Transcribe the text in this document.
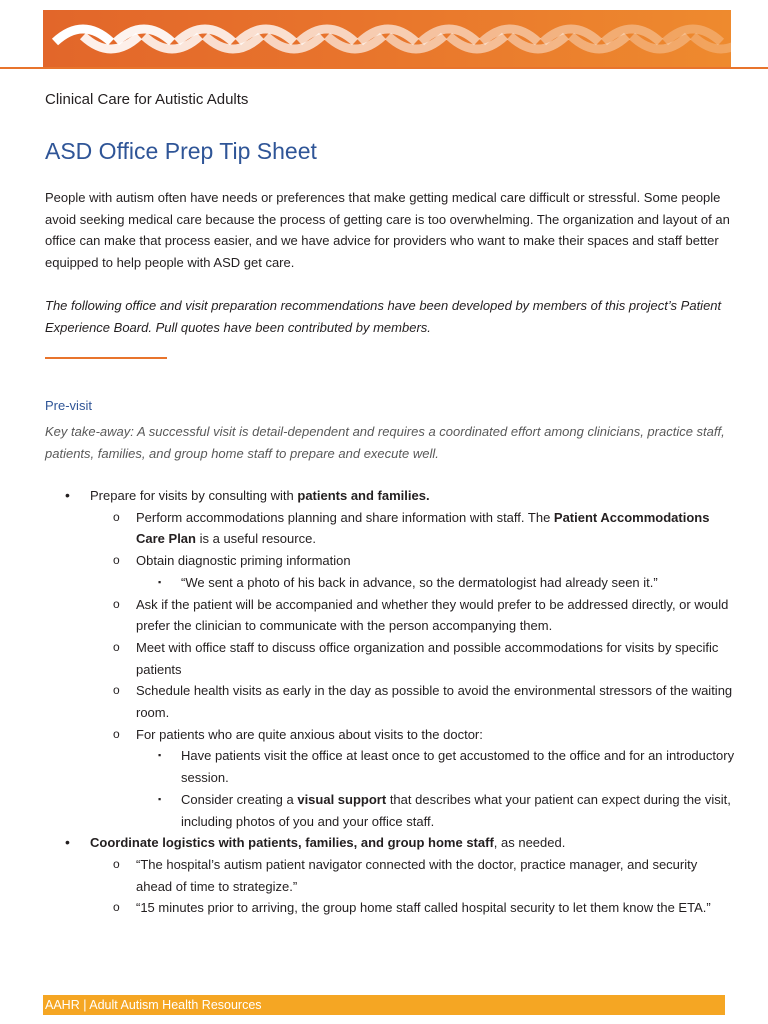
Clinical Care for Autistic Adults
ASD Office Prep Tip Sheet

People with autism often have needs or preferences that make getting medical care difficult or stressful. Some people avoid seeking medical care because the process of getting care is too overwhelming. The organization and layout of an office can make that process easier, and we have advice for providers who want to make their spaces and staff better equipped to help people with ASD get care.

The following office and visit preparation recommendations have been developed by members of this project’s Patient Experience Board. Pull quotes have been contributed by members.

Pre-visit

Key take-away: A successful visit is detail-dependent and requires a coordinated effort among clinicians, practice staff, patients, families, and group home staff to prepare and execute well.

• Prepare for visits by consulting with patients and families.
o Perform accommodations planning and share information with staff. The Patient Accommodations Care Plan is a useful resource.
o Obtain diagnostic priming information
▪ “We sent a photo of his back in advance, so the dermatologist had already seen it.”
o Ask if the patient will be accompanied and whether they would prefer to be addressed directly, or would prefer the clinician to communicate with the person accompanying them.
o Meet with office staff to discuss office organization and possible accommodations for visits by specific patients
o Schedule health visits as early in the day as possible to avoid the environmental stressors of the waiting room.
o For patients who are quite anxious about visits to the doctor:
▪ Have patients visit the office at least once to get accustomed to the office and for an introductory session.
▪ Consider creating a visual support that describes what your patient can expect during the visit, including photos of you and your office staff.
• Coordinate logistics with patients, families, and group home staff, as needed.
o “The hospital’s autism patient navigator connected with the doctor, practice manager, and security ahead of time to strategize.”
o “15 minutes prior to arriving, the group home staff called hospital security to let them know the ETA.”
AAHR | Adult Autism Health Resources
